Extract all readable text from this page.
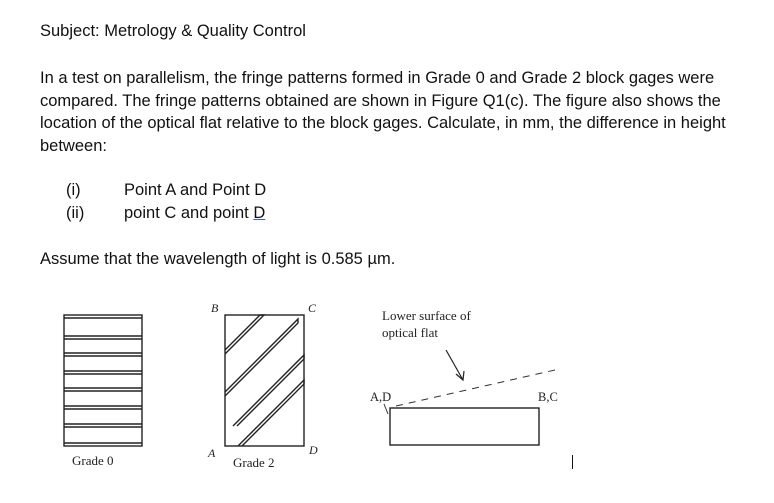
Subject: Metrology & Quality Control
In a test on parallelism, the fringe patterns formed in Grade 0 and Grade 2 block gages were compared. The fringe patterns obtained are shown in Figure Q1(c). The figure also shows the location of the optical flat relative to the block gages. Calculate, in mm, the difference in height between:
(i)	Point A and Point D
(ii) point C and point D
Assume that the wavelength of light is 0.585 µm.
Grade 0
B	C
A	D
Grade 2
Lower surface of
optical flat
A,D	B,C
